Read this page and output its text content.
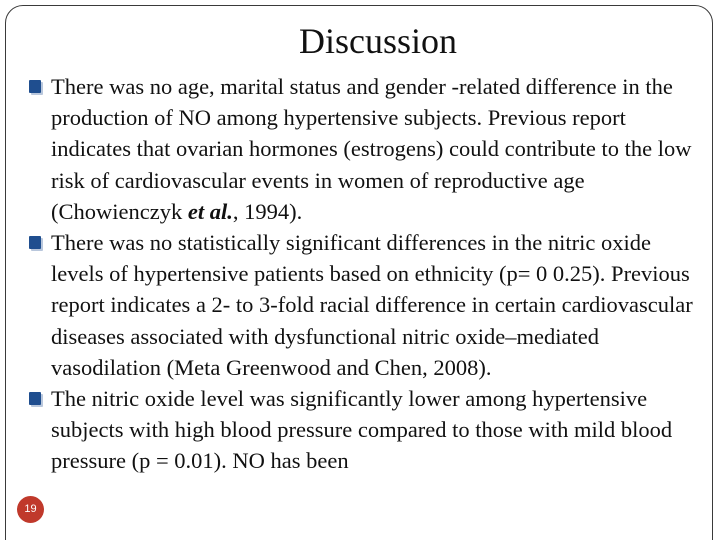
Discussion

There was no age, marital status and gender -related difference in the production of NO among hypertensive subjects. Previous report indicates that ovarian hormones (estrogens) could contribute to the low risk of cardiovascular events in women of reproductive age (Chowienczyk et al., 1994).

There was no statistically significant differences in the nitric oxide levels of hypertensive patients based on ethnicity (p= 0 0.25). Previous report indicates a 2- to 3-fold racial difference in certain cardiovascular diseases associated with dysfunctional nitric oxide–mediated vasodilation (Meta Greenwood and Chen, 2008).

The nitric oxide level was significantly lower among hypertensive subjects with high blood pressure compared to those with mild blood pressure (p = 0.01). NO has been

19
